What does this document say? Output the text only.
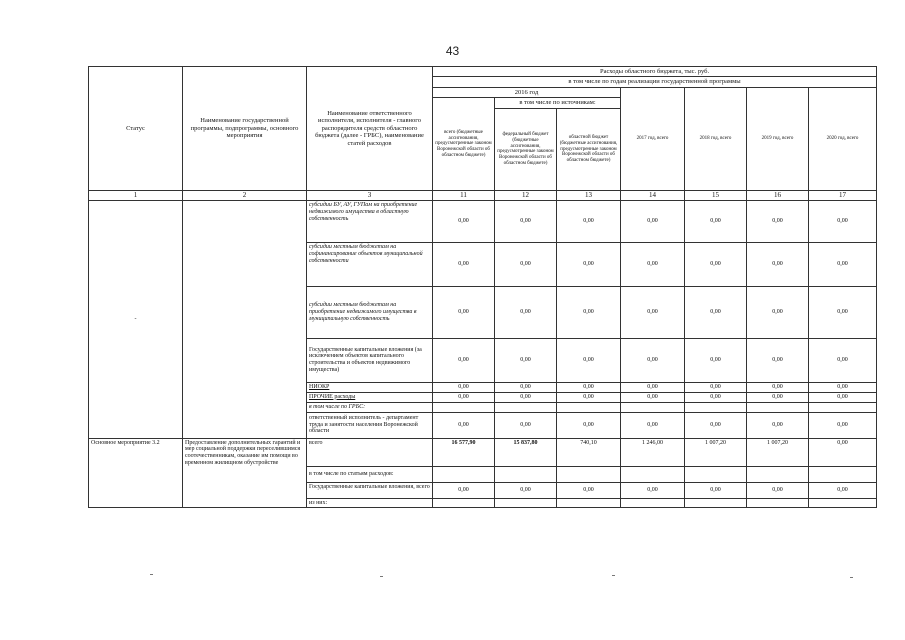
43
Статус	Наименование государственной программы, подпрограммы, основного мероприятия	Наименование ответственного исполнителя, исполнителя - главного распорядителя средств областного бюджета (далее - ГРБС), наименование статей расходов	Расходы областного бюджета, тыс. руб.						
			в том числе по годам реализации государственной программы						
			2016 год			2017 год, всего	2018 год, всего	2019 год, всего	2020 год, всего
			всего (бюджетные ассигнования, предусмотренные законом Воронежской области об областном бюджете)	в том числе по источникам:					
				федеральный бюджет (бюджетные ассигнования, предусмотренные законом Воронежской области об областном бюджете)	областной бюджет (бюджетные ассигнования, предусмотренные законом Воронежской области об областном бюджете)				
1	2	3	11	12	13	14	15	16	17
-		субсидии БУ, АУ, ГУПам на приобретение недвижимого имущества в областную собственность	0,00	0,00	0,00	0,00	0,00	0,00	0,00
		субсидии местным бюджетам на софинансирование объектов муниципальной собственности	0,00	0,00	0,00	0,00	0,00	0,00	0,00
		субсидии местным бюджетам на приобретение недвижимого имущества в муниципальную собственность	0,00	0,00	0,00	0,00	0,00	0,00	0,00
		Государственные капитальные вложения (за исключением объектов капитального строительства и объектов недвижимого имущества)	0,00	0,00	0,00	0,00	0,00	0,00	0,00
		НИОКР	0,00	0,00	0,00	0,00	0,00	0,00	0,00
		ПРОЧИЕ расходы	0,00	0,00	0,00	0,00	0,00	0,00	0,00
		в том числе по ГРБС:							
		ответственный исполнитель - департамент труда и занятости населения Воронежской области	0,00	0,00	0,00	0,00	0,00	0,00	0,00
Основное мероприятие 3.2	Предоставление дополнительных гарантий и мер социальной поддержки переселившимся соотечественникам, оказание им помощи во временном жилищном обустройстве	всего	16 577,90	15 837,80	740,10	1 246,00	1 007,20	1 007,20	0,00
		в том числе по статьям расходов:							
		Государственные капитальные вложения, всего	0,00	0,00	0,00	0,00	0,00	0,00	0,00
		из них:							
